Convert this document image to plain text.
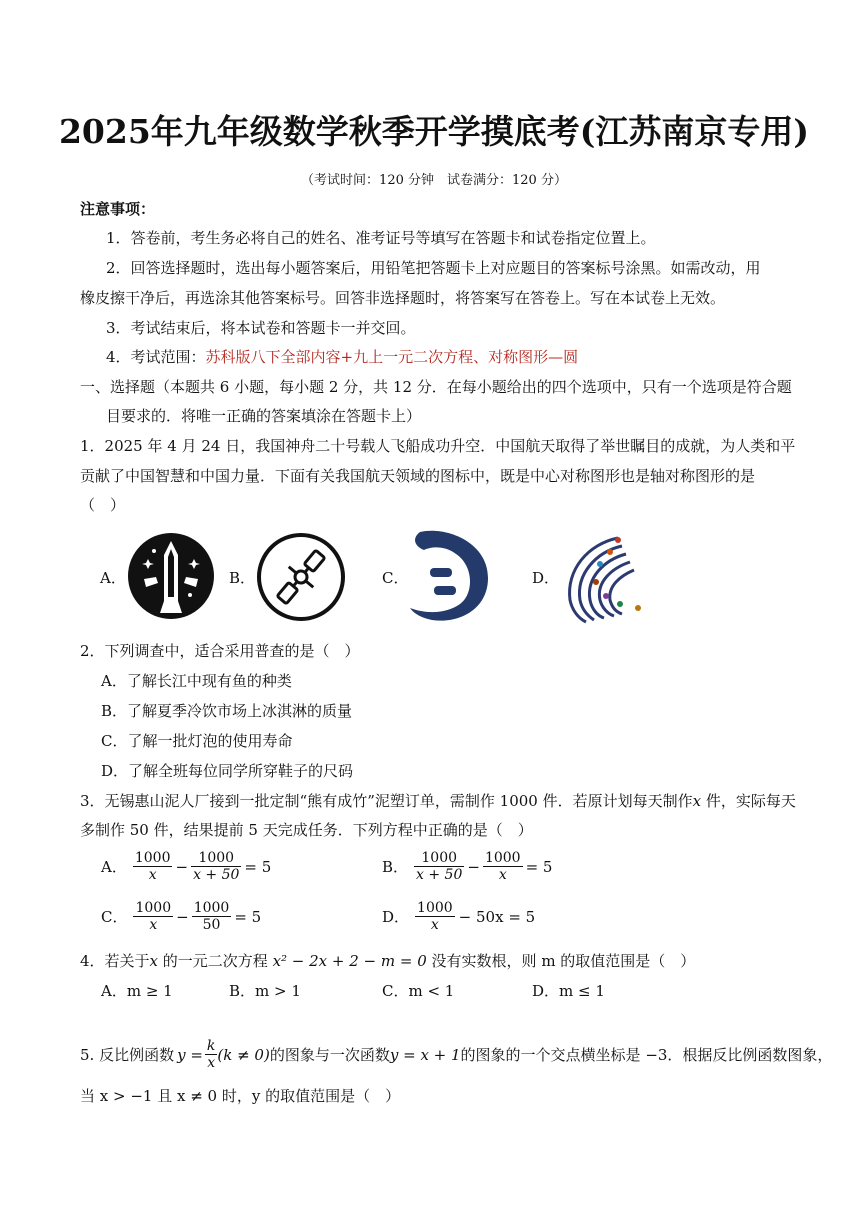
2025年九年级数学秋季开学摸底考(江苏南京专用)
（考试时间：120 分钟　试卷满分：120 分）
注意事项：
1．答卷前，考生务必将自己的姓名、准考证号等填写在答题卡和试卷指定位置上。
2．回答选择题时，选出每小题答案后，用铅笔把答题卡上对应题目的答案标号涂黑。如需改动，用
橡皮擦干净后，再选涂其他答案标号。回答非选择题时，将答案写在答卷上。写在本试卷上无效。
3．考试结束后，将本试卷和答题卡一并交回。
4．考试范围：苏科版八下全部内容+九上一元二次方程、对称图形—圆
一、选择题（本题共 6 小题，每小题 2 分，共 12 分．在每小题给出的四个选项中，只有一个选项是符合题
目要求的．将唯一正确的答案填涂在答题卡上）
1．2025 年 4 月 24 日，我国神舟二十号载人飞船成功升空．中国航天取得了举世瞩目的成就，为人类和平
贡献了中国智慧和中国力量．下面有关我国航天领域的图标中，既是中心对称图形也是轴对称图形的是
（　）
A．	B．	C．	D．
2．下列调查中，适合采用普查的是（　）
A．了解长江中现有鱼的种类
B．了解夏季冷饮市场上冰淇淋的质量
C．了解一批灯泡的使用寿命
D．了解全班每位同学所穿鞋子的尺码
3．无锡惠山泥人厂接到一批定制“熊有成竹”泥塑订单，需制作 1000 件．若原计划每天制作x 件，实际每天
多制作 50 件，结果提前 5 天完成任务．下列方程中正确的是（　）
A． $\frac{1000}{x} - \frac{1000}{x + 50} = 5$	B． $\frac{1000}{x + 50} - \frac{1000}{x} = 5$
C． $\frac{1000}{x} - \frac{1000}{50} = 5$	D． $\frac{1000}{x} - 50x = 5$
4．若关于x 的一元二次方程 x² − 2x + 2 − m = 0 没有实数根，则 m 的取值范围是（　）
A．m ≥ 1	B．m > 1	C．m < 1	D．m ≤ 1
5. 反比例函数 $y = \frac{k}{x} (k \ne 0)$ 的图象与一次函数 y = x + 1 的图象的一个交点横坐标是 −3．根据反比例函数图象，
当 x > −1 且 x ≠ 0 时，y 的取值范围是（　）
